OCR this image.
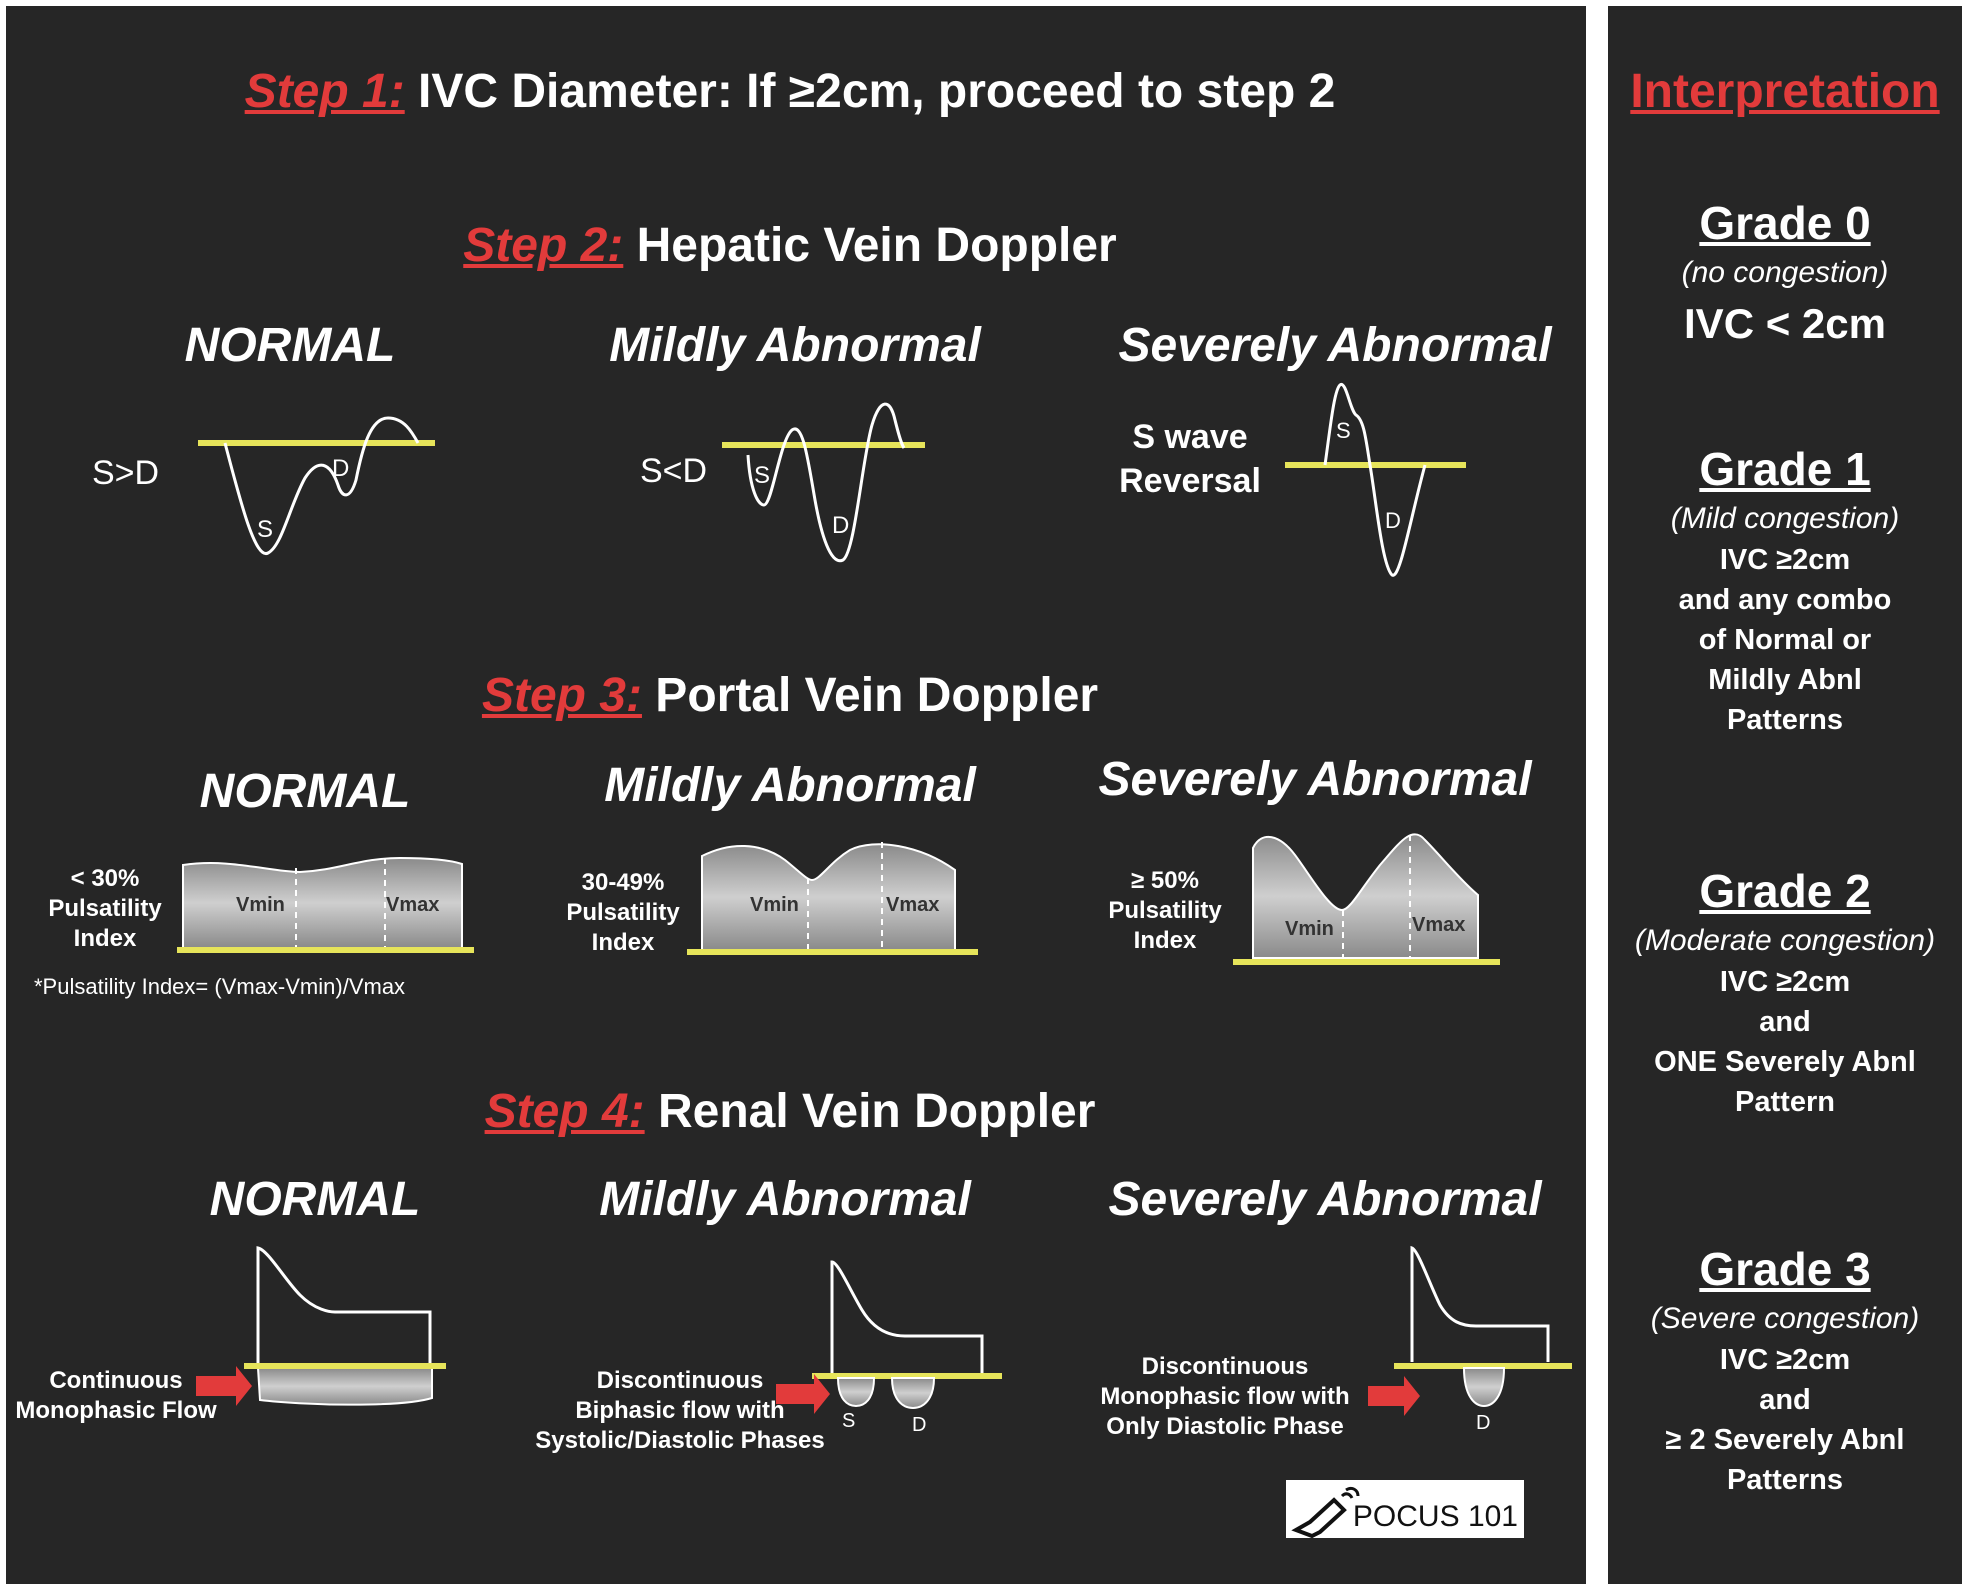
Step 1: IVC Diameter: If ≥2cm, proceed to step 2
Step 2: Hepatic Vein Doppler
Step 3: Portal Vein Doppler
Step 4: Renal Vein Doppler
NORMAL	Mildly Abnormal	Severely Abnormal
S>D
S
D	S<D S
D
S wave
Reversal
S
D
NORMAL	Mildly Abnormal	Severely Abnormal
< 30%
Pulsatility
Index
Vmin	Vmax
*Pulsatility Index= (Vmax-Vmin)/Vmax
30-49%
Pulsatility
Index
Vmin	Vmax
≥ 50%
Pulsatility
Index	Vmin	Vmax
NORMAL	Mildly Abnormal	Severely Abnormal
Continuous
Monophasic Flow
Discontinuous
Biphasic flow with
Systolic/Diastolic Phases
S	D
Discontinuous
Monophasic flow with
Only Diastolic Phase	D
POCUS 101
Interpretation
Grade 0
(no congestion)
IVC < 2cm
Grade 1
(Mild congestion)
IVC ≥2cm
and any combo
of Normal or
Mildly Abnl
Patterns
Grade 2
(Moderate congestion)
IVC ≥2cm
and
ONE Severely Abnl
Pattern
Grade 3
(Severe congestion)
IVC ≥2cm
and
≥ 2 Severely Abnl
Patterns
